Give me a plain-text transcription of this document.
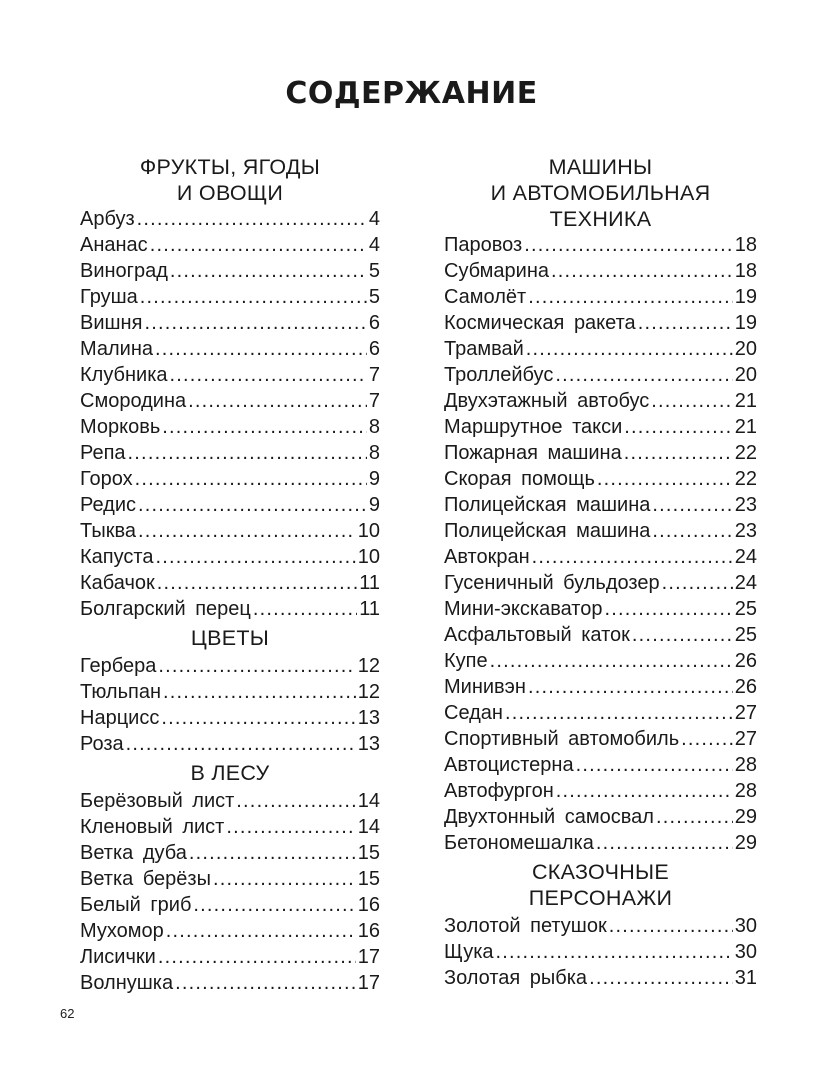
СОДЕРЖАНИЕ
ФРУКТЫ, ЯГОДЫ
И ОВОЩИ
Арбуз .....	4
Ананас .....	4
Виноград .....	5
Груша .....	5
Вишня .....	6
Малина .....	6
Клубника .....	7
Смородина .....	7
Морковь .....	8
Репа .....	8
Горох .....	9
Редис .....	9
Тыква .....	10
Капуста .....	10
Кабачок .....	11
Болгарский перец .....	11
ЦВЕТЫ
Гербера .....	12
Тюльпан .....	12
Нарцисс .....	13
Роза .....	13
В ЛЕСУ
Берёзовый лист .....	14
Кленовый лист .....	14
Ветка дуба .....	15
Ветка берёзы .....	15
Белый гриб .....	16
Мухомор .....	16
Лисички .....	17
Волнушка .....	17
МАШИНЫ
И АВТОМОБИЛЬНАЯ
ТЕХНИКА
Паровоз .....	18
Субмарина .....	18
Самолёт .....	19
Космическая ракета .....	19
Трамвай .....	20
Троллейбус .....	20
Двухэтажный автобус .....	21
Маршрутное такси .....	21
Пожарная машина .....	22
Скорая помощь .....	22
Полицейская машина .....	23
Полицейская машина .....	23
Автокран .....	24
Гусеничный бульдозер .....	24
Мини-экскаватор .....	25
Асфальтовый каток .....	25
Купе .....	26
Минивэн .....	26
Седан .....	27
Спортивный автомобиль .....	27
Автоцистерна .....	28
Автофургон .....	28
Двухтонный самосвал .....	29
Бетономешалка .....	29
СКАЗОЧНЫЕ
ПЕРСОНАЖИ
Золотой петушок .....	30
Щука .....	30
Золотая рыбка .....	31
62
